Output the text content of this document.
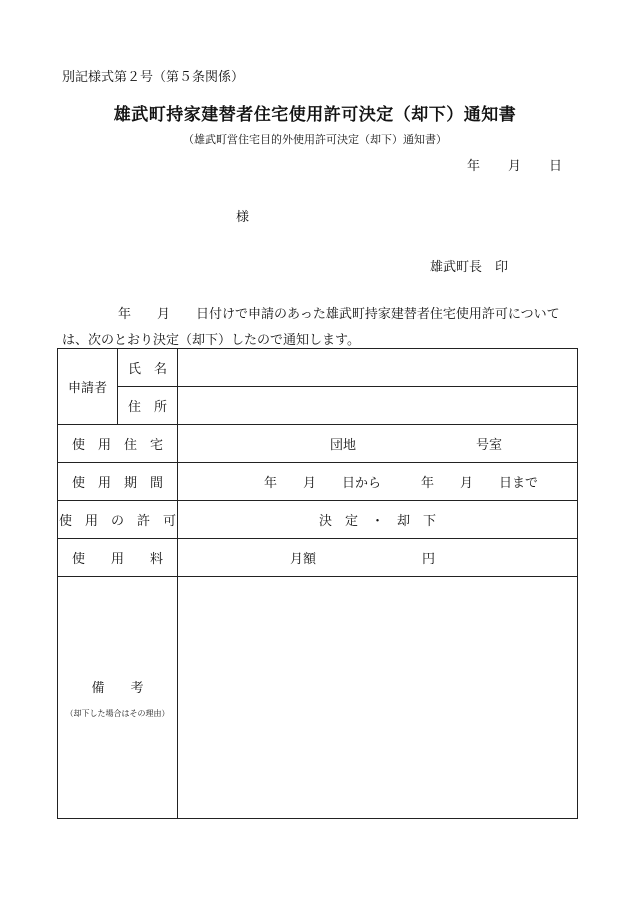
別記様式第２号（第５条関係）
雄武町持家建替者住宅使用許可決定（却下）通知書
（雄武町営住宅目的外使用許可決定（却下）通知書）
年 月 日
様
雄武町長　印
年　　月　　日付けで申請のあった雄武町持家建替者住宅使用許可について
は、次のとおり決定（却下）したので通知します。
申請者	氏　名	
	住　所	
使　用　住　宅		団地 号室

使　用　期　間		年　　月　　日から 年　　月　　日まで

使　用　の　許　可		決　定　・　却　下
使　　用　　料		月額 円

備　　考
（却下した場合はその理由）		
